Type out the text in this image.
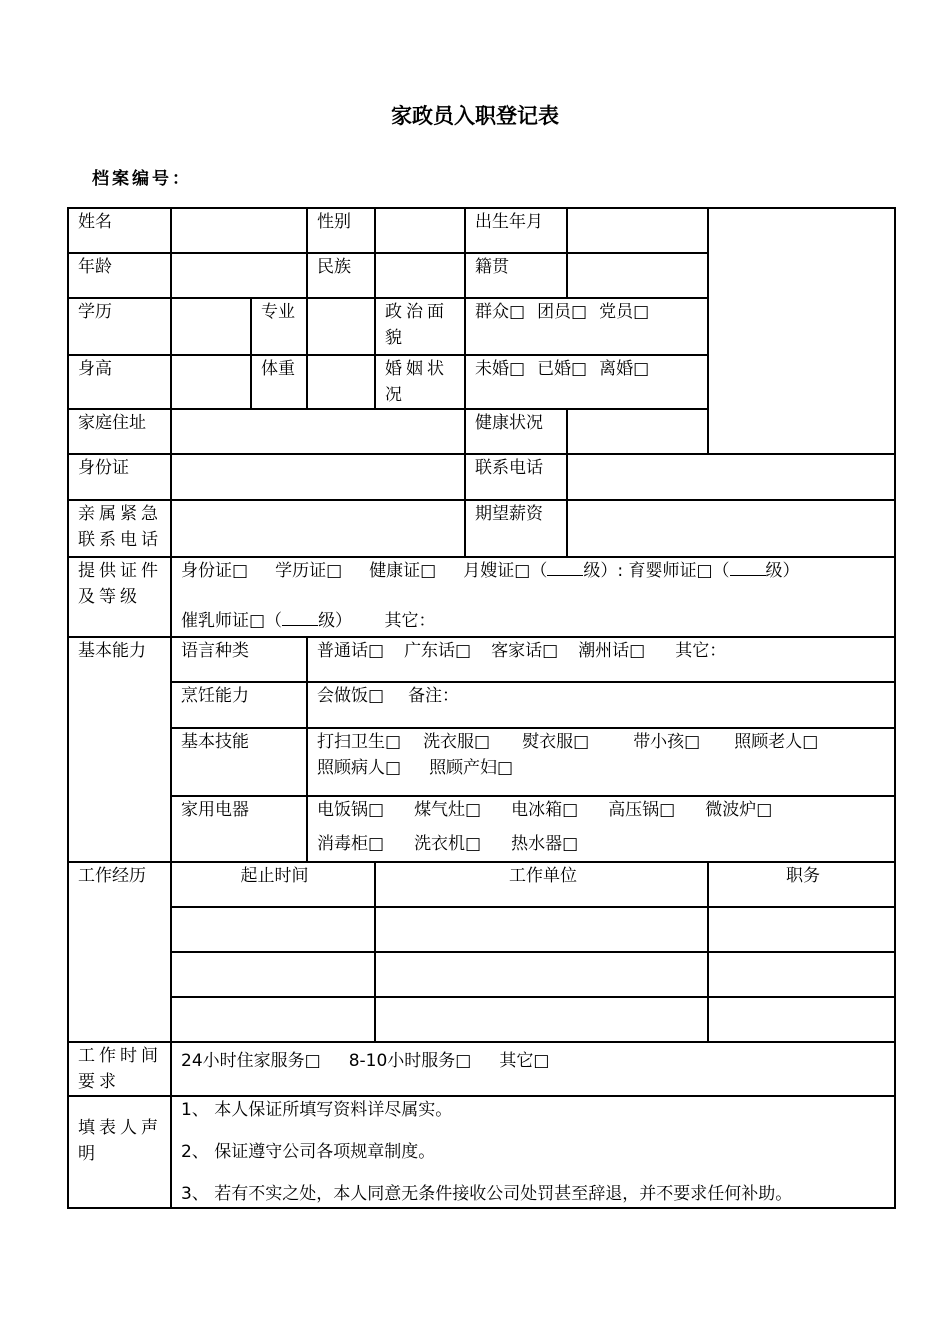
家政员入职登记表
档案编号：
姓名			性别		出生年月		
年龄			民族		籍贯		
学历		专业		政治面貌	群众□ 团员□ 党员□		
身高		体重		婚姻状况	未婚□ 已婚□ 离婚□		
家庭住址					健康状况		
身份证					联系电话		
亲属紧急联系电话					期望薪资		
提供证件及等级	身份证□ 学历证□ 健康证□ 月嫂证□（ 级）: 育婴师证□（ 级）
催乳师证□（ 级） 其它：						

基本能力	语言种类		普通话□ 广东话□ 客家话□ 潮州话□ 其它：				
	烹饪能力		会做饭□ 备注：				
	基本技能		打扫卫生□ 洗衣服□ 熨衣服□ 带小孩□ 照顾老人□
照顾病人□ 照顾产妇□				

	家用电器		电饭锅□ 煤气灶□ 电冰箱□ 高压锅□ 微波炉□
消毒柜□ 洗衣机□ 热水器□				

工作经历	起止时间			工作单位			职务

工作时间要求	24小时住家服务□ 8-10小时服务□ 其它□						
填表人声明	1、 本人保证所填写资料详尽属实。

2、 保证遵守公司各项规章制度。

3、 若有不实之处，本人同意无条件接收公司处罚甚至辞退，并不要求任何补助。						
